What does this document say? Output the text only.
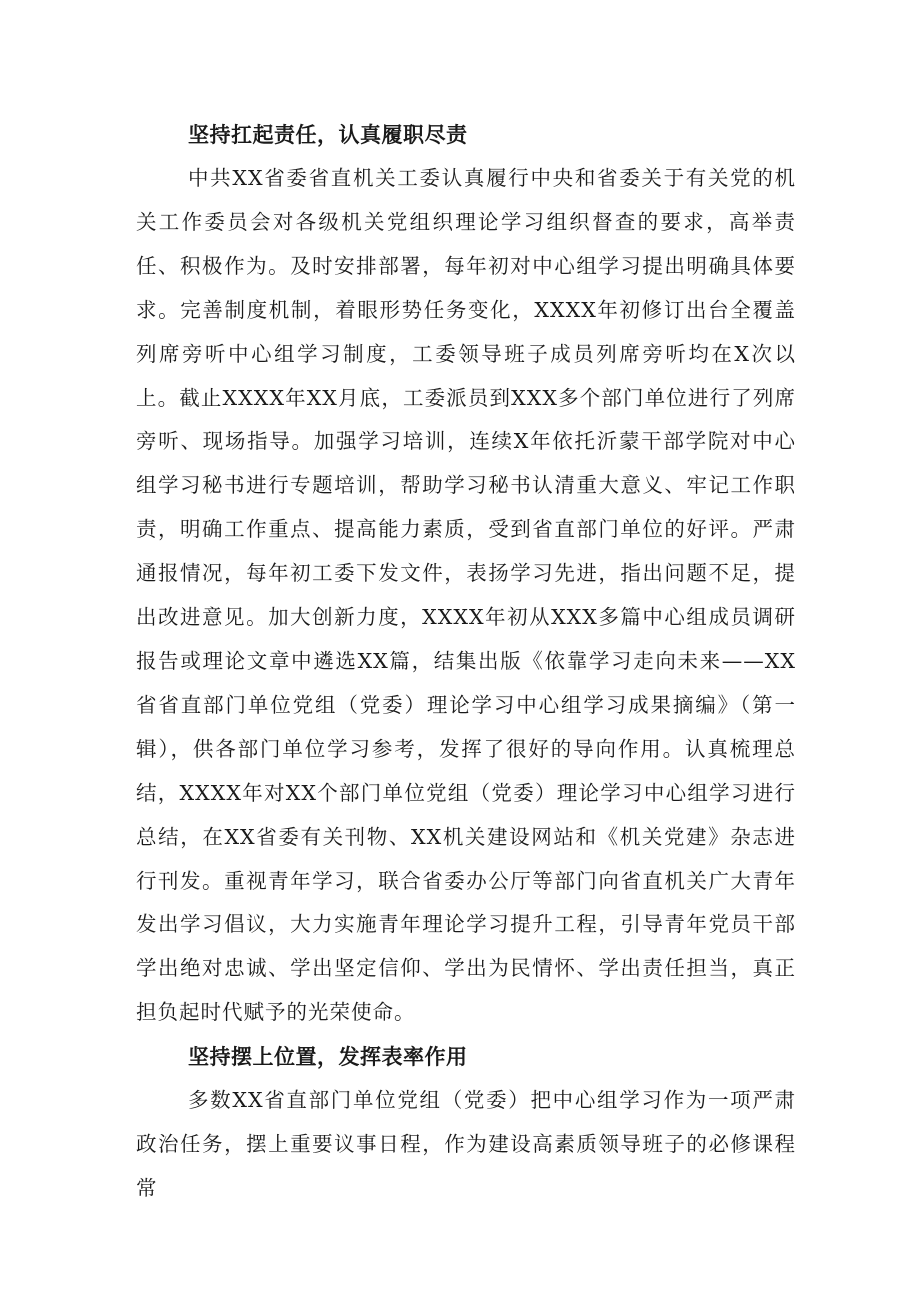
坚持扛起责任，认真履职尽责

中共XX省委省直机关工委认真履行中央和省委关于有关党的机关工作委员会对各级机关党组织理论学习组织督查的要求，高举责任、积极作为。及时安排部署，每年初对中心组学习提出明确具体要求。完善制度机制，着眼形势任务变化，XXXX年初修订出台全覆盖列席旁听中心组学习制度，工委领导班子成员列席旁听均在X次以上。截止XXXX年XX月底，工委派员到XXX多个部门单位进行了列席旁听、现场指导。加强学习培训，连续X年依托沂蒙干部学院对中心组学习秘书进行专题培训，帮助学习秘书认清重大意义、牢记工作职责，明确工作重点、提高能力素质，受到省直部门单位的好评。严肃通报情况，每年初工委下发文件，表扬学习先进，指出问题不足，提出改进意见。加大创新力度，XXXX年初从XXX多篇中心组成员调研报告或理论文章中遴选XX篇，结集出版《依靠学习走向未来——XX省省直部门单位党组（党委）理论学习中心组学习成果摘编》（第一辑），供各部门单位学习参考，发挥了很好的导向作用。认真梳理总结，XXXX年对XX个部门单位党组（党委）理论学习中心组学习进行总结，在XX省委有关刊物、XX机关建设网站和《机关党建》杂志进行刊发。重视青年学习，联合省委办公厅等部门向省直机关广大青年发出学习倡议，大力实施青年理论学习提升工程，引导青年党员干部学出绝对忠诚、学出坚定信仰、学出为民情怀、学出责任担当，真正担负起时代赋予的光荣使命。

坚持摆上位置，发挥表率作用

多数XX省直部门单位党组（党委）把中心组学习作为一项严肃政治任务，摆上重要议事日程，作为建设高素质领导班子的必修课程常
